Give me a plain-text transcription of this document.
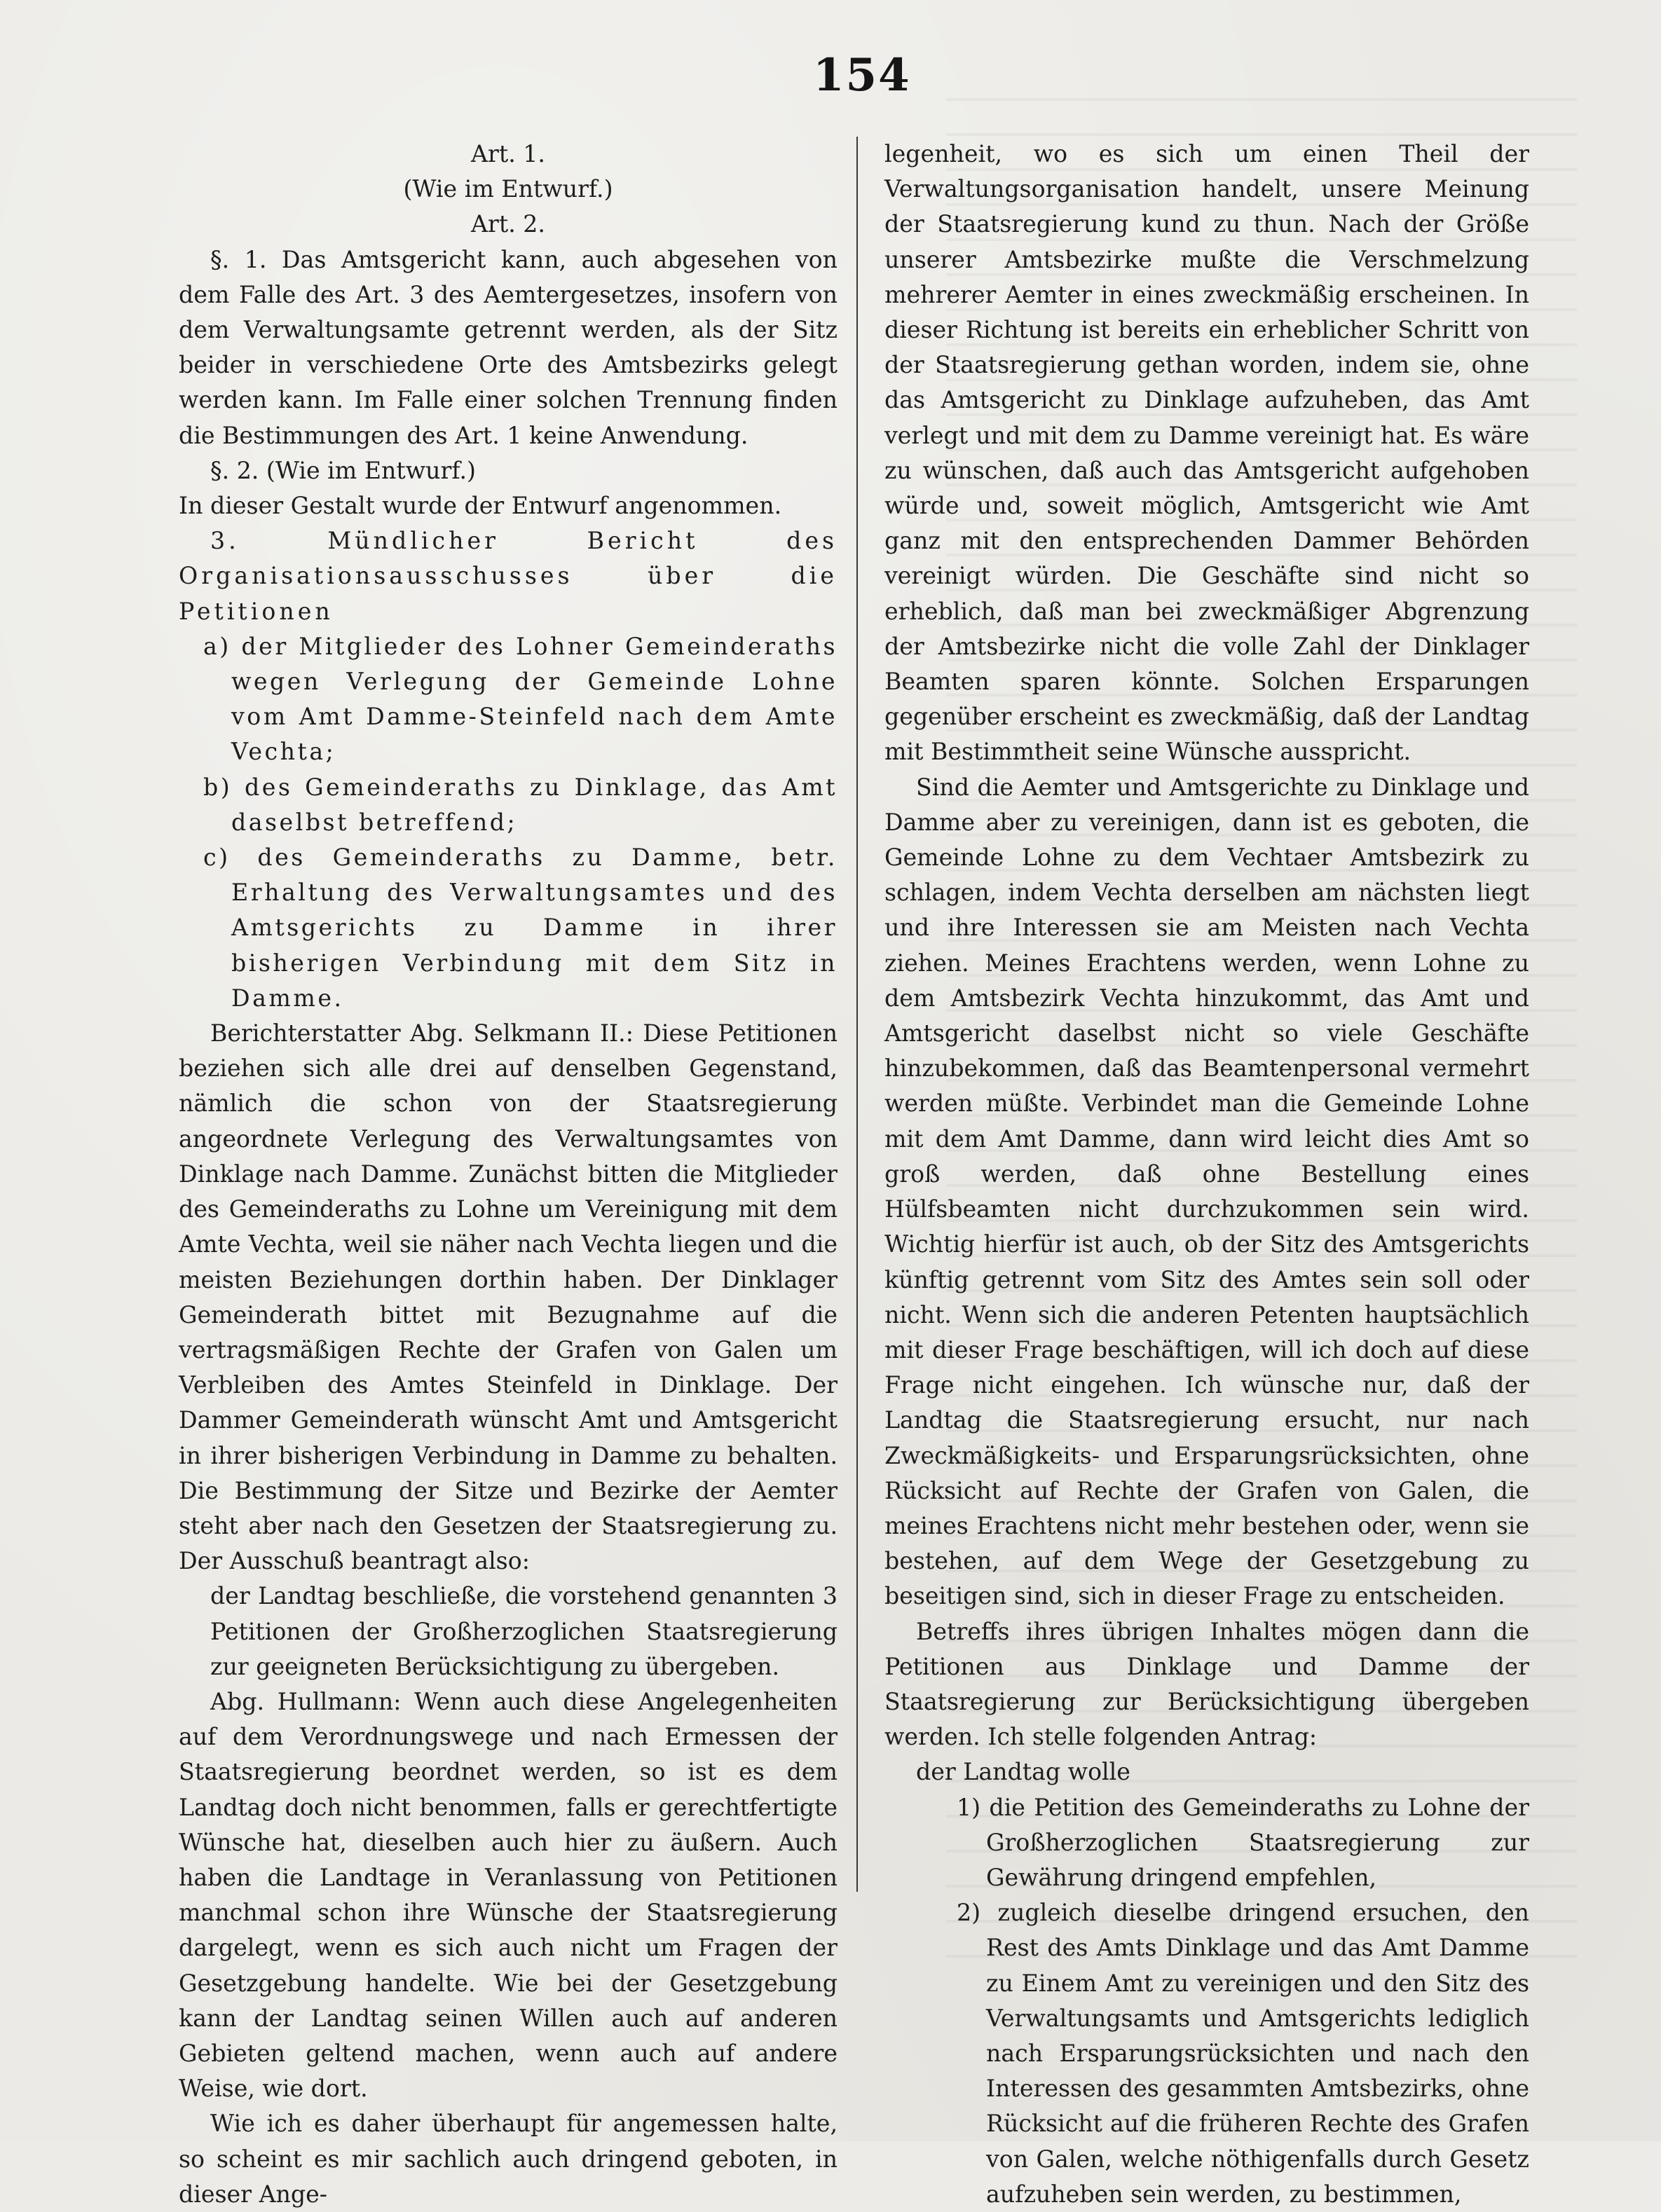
154

Art. 1.

(Wie im Entwurf.)

Art. 2.

§. 1. Das Amtsgericht kann, auch abgesehen von dem Falle des Art. 3 des Aemtergesetzes, insofern von dem Verwaltungsamte getrennt werden, als der Sitz beider in verschiedene Orte des Amtsbezirks gelegt werden kann. Im Falle einer solchen Trennung finden die Bestimmungen des Art. 1 keine Anwendung.

§. 2. (Wie im Entwurf.)

In dieser Gestalt wurde der Entwurf angenommen.

3. Mündlicher Bericht des Organisationsausschusses über die Petitionen

a) der Mitglieder des Lohner Gemeinderaths wegen Verlegung der Gemeinde Lohne vom Amt Damme-Steinfeld nach dem Amte Vechta;

b) des Gemeinderaths zu Dinklage, das Amt daselbst betreffend;

c) des Gemeinderaths zu Damme, betr. Erhaltung des Verwaltungsamtes und des Amtsgerichts zu Damme in ihrer bisherigen Verbindung mit dem Sitz in Damme.

Berichterstatter Abg. Selkmann II.: Diese Petitionen beziehen sich alle drei auf denselben Gegenstand, nämlich die schon von der Staatsregierung angeordnete Verlegung des Verwaltungsamtes von Dinklage nach Damme. Zunächst bitten die Mitglieder des Gemeinderaths zu Lohne um Vereinigung mit dem Amte Vechta, weil sie näher nach Vechta liegen und die meisten Beziehungen dorthin haben. Der Dinklager Gemeinderath bittet mit Bezugnahme auf die vertragsmäßigen Rechte der Grafen von Galen um Verbleiben des Amtes Steinfeld in Dinklage. Der Dammer Gemeinderath wünscht Amt und Amtsgericht in ihrer bisherigen Verbindung in Damme zu behalten. Die Bestimmung der Sitze und Bezirke der Aemter steht aber nach den Gesetzen der Staatsregierung zu. Der Ausschuß beantragt also:

der Landtag beschließe, die vorstehend genannten 3 Petitionen der Großherzoglichen Staatsregierung zur geeigneten Berücksichtigung zu übergeben.

Abg. Hullmann: Wenn auch diese Angelegenheiten auf dem Verordnungswege und nach Ermessen der Staatsregierung beordnet werden, so ist es dem Landtag doch nicht benommen, falls er gerechtfertigte Wünsche hat, dieselben auch hier zu äußern. Auch haben die Landtage in Veranlassung von Petitionen manchmal schon ihre Wünsche der Staatsregierung dargelegt, wenn es sich auch nicht um Fragen der Gesetzgebung handelte. Wie bei der Gesetzgebung kann der Landtag seinen Willen auch auf anderen Gebieten geltend machen, wenn auch auf andere Weise, wie dort.

Wie ich es daher überhaupt für angemessen halte, so scheint es mir sachlich auch dringend geboten, in dieser Ange-

legenheit, wo es sich um einen Theil der Verwaltungsorganisation handelt, unsere Meinung der Staatsregierung kund zu thun. Nach der Größe unserer Amtsbezirke mußte die Verschmelzung mehrerer Aemter in eines zweckmäßig erscheinen. In dieser Richtung ist bereits ein erheblicher Schritt von der Staatsregierung gethan worden, indem sie, ohne das Amtsgericht zu Dinklage aufzuheben, das Amt verlegt und mit dem zu Damme vereinigt hat. Es wäre zu wünschen, daß auch das Amtsgericht aufgehoben würde und, soweit möglich, Amtsgericht wie Amt ganz mit den entsprechenden Dammer Behörden vereinigt würden. Die Geschäfte sind nicht so erheblich, daß man bei zweckmäßiger Abgrenzung der Amtsbezirke nicht die volle Zahl der Dinklager Beamten sparen könnte. Solchen Ersparungen gegenüber erscheint es zweckmäßig, daß der Landtag mit Bestimmtheit seine Wünsche ausspricht.

Sind die Aemter und Amtsgerichte zu Dinklage und Damme aber zu vereinigen, dann ist es geboten, die Gemeinde Lohne zu dem Vechtaer Amtsbezirk zu schlagen, indem Vechta derselben am nächsten liegt und ihre Interessen sie am Meisten nach Vechta ziehen. Meines Erachtens werden, wenn Lohne zu dem Amtsbezirk Vechta hinzukommt, das Amt und Amtsgericht daselbst nicht so viele Geschäfte hinzubekommen, daß das Beamtenpersonal vermehrt werden müßte. Verbindet man die Gemeinde Lohne mit dem Amt Damme, dann wird leicht dies Amt so groß werden, daß ohne Bestellung eines Hülfsbeamten nicht durchzukommen sein wird. Wichtig hierfür ist auch, ob der Sitz des Amtsgerichts künftig getrennt vom Sitz des Amtes sein soll oder nicht. Wenn sich die anderen Petenten hauptsächlich mit dieser Frage beschäftigen, will ich doch auf diese Frage nicht eingehen. Ich wünsche nur, daß der Landtag die Staatsregierung ersucht, nur nach Zweckmäßigkeits- und Ersparungsrücksichten, ohne Rücksicht auf Rechte der Grafen von Galen, die meines Erachtens nicht mehr bestehen oder, wenn sie bestehen, auf dem Wege der Gesetzgebung zu beseitigen sind, sich in dieser Frage zu entscheiden.

Betreffs ihres übrigen Inhaltes mögen dann die Petitionen aus Dinklage und Damme der Staatsregierung zur Berücksichtigung übergeben werden. Ich stelle folgenden Antrag:

der Landtag wolle

1) die Petition des Gemeinderaths zu Lohne der Großherzoglichen Staatsregierung zur Gewährung dringend empfehlen,

2) zugleich dieselbe dringend ersuchen, den Rest des Amts Dinklage und das Amt Damme zu Einem Amt zu vereinigen und den Sitz des Verwaltungsamts und Amtsgerichts lediglich nach Ersparungsrücksichten und nach den Interessen des gesammten Amtsbezirks, ohne Rücksicht auf die früheren Rechte des Grafen von Galen, welche nöthigenfalls durch Gesetz aufzuheben sein werden, zu bestimmen,
